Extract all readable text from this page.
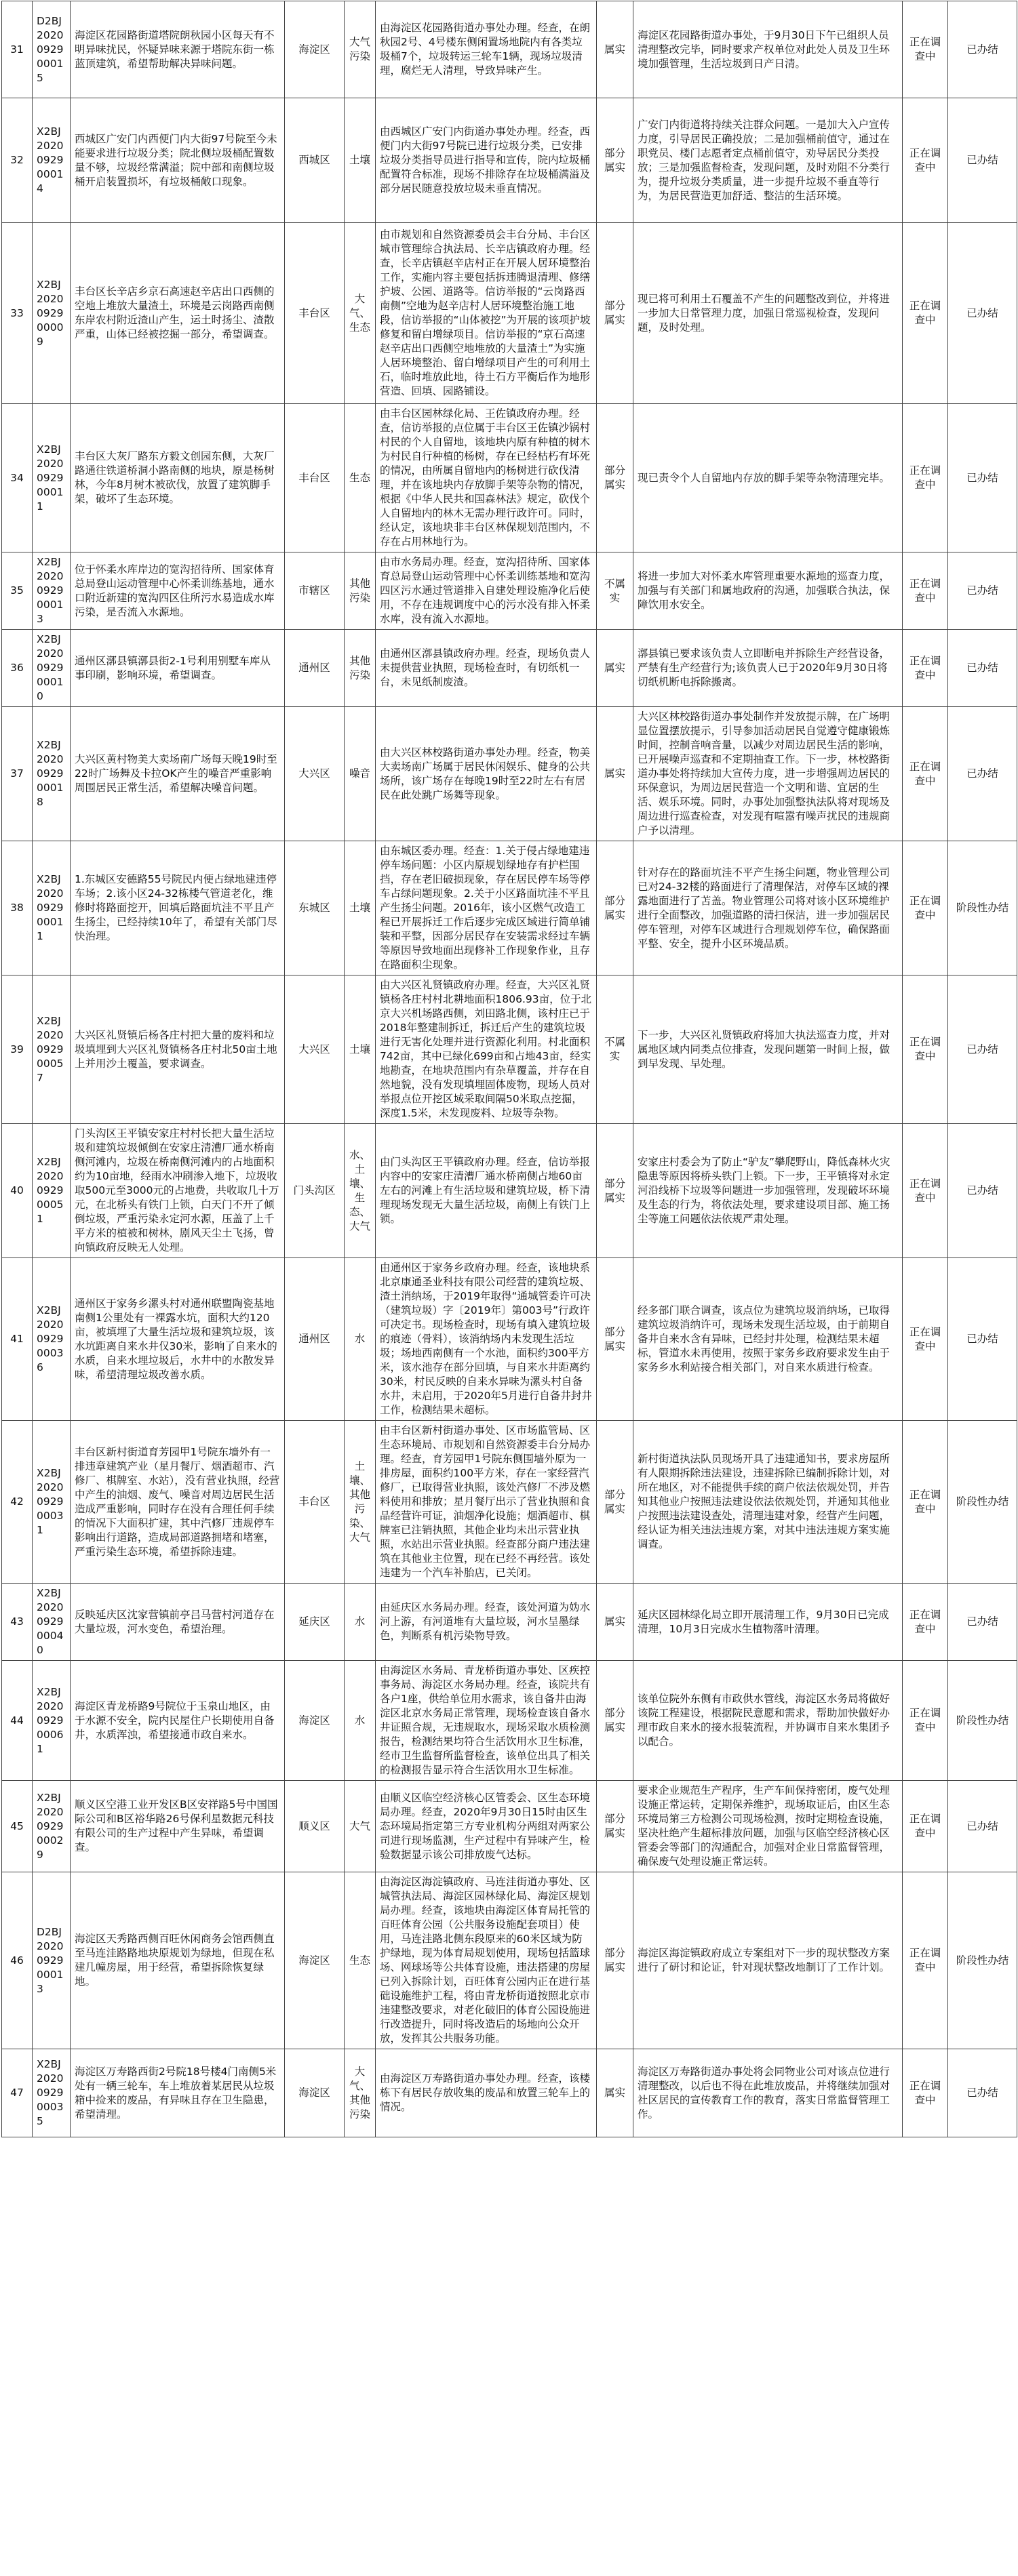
31	D2BJ2020092900015	海淀区花园路街道塔院朗秋园小区每天有不明异味扰民，怀疑异味来源于塔院东街一栋蓝顶建筑，希望帮助解决异味问题。	海淀区	大气污染	由海淀区花园路街道办事处办理。经查，在朗秋园2号、4号楼东侧闲置场地院内有各类垃圾桶7个，垃圾转运三轮车1辆，现场垃圾清理，腐烂无人清理，导致异味产生。	属实	海淀区花园路街道办事处，于9月30日下午已组织人员清理整改完毕，同时要求产权单位对此处人员及卫生环境加强管理，生活垃圾到日产日清。	正在调查中	已办结
32	X2BJ2020092900014	西城区广安门内西便门内大街97号院至今未能要求进行垃圾分类；院北侧垃圾桶配置数量不够，垃圾经常满溢；院中部和南侧垃圾桶开启装置损坏，有垃圾桶敞口现象。	西城区	土壤	由西城区广安门内街道办事处办理。经查，西便门内大街97号院已进行垃圾分类，已安排垃圾分类指导员进行指导和宣传，院内垃圾桶配置符合标准，现场不排除存在垃圾桶满溢及部分居民随意投放垃圾未垂直情况。	部分属实	广安门内街道将持续关注群众问题。一是加大入户宣传力度，引导居民正确投放；二是加强桶前值守，通过在职党员、楼门志愿者定点桶前值守，劝导居民分类投放；三是加强监督检查，发现问题，及时劝阻不分类行为，提升垃圾分类质量，进一步提升垃圾不垂直等行为，为居民营造更加舒适、整洁的生活环境。	正在调查中	已办结
33	X2BJ2020092900009	丰台区长辛店乡京石高速赵辛店出口西侧的空地上堆放大量渣土，环境是云岗路西南侧东岸农村附近渣山产生，运土时扬尘、渣散严重，山体已经被挖掘一部分，希望调查。	丰台区	大气、生态	由市规划和自然资源委员会丰台分局、丰台区城市管理综合执法局、长辛店镇政府办理。经查，长辛店镇赵辛店村正在开展人居环境整治工作，实施内容主要包括拆违腾退清理、修缮护坡、公园、道路等。信访举报的“云岗路西南侧”空地为赵辛店村人居环境整治施工地段，信访举报的“山体被挖”为开展的该项护坡修复和留白增绿项目。信访举报的“京石高速赵辛店出口西侧空地堆放的大量渣土”为实施人居环境整治、留白增绿项目产生的可利用土石，临时堆放此地，待土石方平衡后作为地形营造、回填、园路铺设。	部分属实	现已将可利用土石覆盖不产生的问题整改到位，并将进一步加大日常管理力度，加强日常巡视检查，发现问题，及时处理。	正在调查中	已办结
34	X2BJ2020092900011	丰台区大灰厂路东方毅文创园东侧，大灰厂路通往铁道桥洞小路南侧的地块，原是杨树林，今年8月树木被砍伐，放置了建筑脚手架，破坏了生态环境。	丰台区	生态	由丰台区园林绿化局、王佐镇政府办理。经查，信访举报的点位属于丰台区王佐镇沙锅村村民的个人自留地，该地块内原有种植的树木为村民自行种植的杨树，存在已经枯朽有坏死的情况，由所属自留地内的杨树进行砍伐清理，并在该地块内存放脚手架等杂物的情况，根据《中华人民共和国森林法》规定，砍伐个人自留地内的林木无需办理行政许可。同时，经认定，该地块非丰台区林保规划范围内，不存在占用林地行为。	部分属实	现已责令个人自留地内存放的脚手架等杂物清理完毕。	正在调查中	已办结
35	X2BJ2020092900013	位于怀柔水库岸边的宽沟招待所、国家体育总局登山运动管理中心怀柔训练基地，通水口附近新建的宽沟四区住所污水易造成水库污染，是否流入水源地。	市辖区	其他污染	由市水务局办理。经查，宽沟招待所、国家体育总局登山运动管理中心怀柔训练基地和宽沟四区污水通过管道排入自建处理设施净化后使用，不存在违规调度中心的污水没有排入怀柔水库，没有流入水源地。	不属实	将进一步加大对怀柔水库管理重要水源地的巡查力度，加强与有关部门和属地政府的沟通，加强联合执法，保障饮用水安全。	正在调查中	已办结
36	X2BJ2020092900010	通州区漷县镇漷县街2-1号利用别墅车库从事印刷，影响环境，希望调查。	通州区	其他污染	由通州区漷县镇政府办理。经查，现场负责人未提供营业执照，现场检查时，有切纸机一台，未见纸制废渣。	属实	漷县镇已要求该负责人立即断电并拆除生产经营设备，严禁有生产经营行为;该负责人已于2020年9月30日将切纸机断电拆除搬离。	正在调查中	已办结
37	X2BJ2020092900018	大兴区黄村物美大卖场南广场每天晚19时至22时广场舞及卡拉OK产生的噪音严重影响周围居民正常生活，希望解决噪音问题。	大兴区	噪音	由大兴区林校路街道办事处办理。经查，物美大卖场南广场属于居民休闲娱乐、健身的公共场所，该广场存在每晚19时至22时左右有居民在此处跳广场舞等现象。	属实	大兴区林校路街道办事处制作并发放提示牌，在广场明显位置摆放提示，引导参加活动居民自觉遵守健康锻炼时间，控制音响音量，以减少对周边居民生活的影响，已开展噪声巡查和不定期抽查工作。下一步，林校路街道办事处将持续加大宣传力度，进一步增强周边居民的环保意识，为周边居民营造一个文明和谐、宜居的生活、娱乐环境。同时，办事处加强整执法队将对现场及周边进行巡查检查，对发现有喧嚣有噪声扰民的违规商户予以清理。	正在调查中	已办结
38	X2BJ2020092900011	1.东城区安德路55号院民内便占绿地建违停车场；2.该小区24-32栋楼气管道老化，维修时将路面挖开，回填后路面坑洼不平且产生扬尘，已经持续10年了，希望有关部门尽快治理。	东城区	土壤	由东城区委办理。经查：1.关于侵占绿地建违停车场问题：小区内原规划绿地存有护栏围挡，存在老旧破损现象，存在居民停车场等停车占绿问题现象。2.关于小区路面坑洼不平且产生扬尘问题。2016年，该小区燃气改造工程已开展拆迁工作后逐步完成区域进行简单铺装和平整，因部分居民存在安装需求经过车辆等原因导致地面出现修补工作现象作业，且存在路面积尘现象。	部分属实	针对存在的路面坑洼不平产生扬尘问题，物业管理公司已对24-32楼的路面进行了清理保洁，对停车区域的裸露地面进行了苫盖。物业管理公司将对该小区环境维护进行全面整改，加强道路的清扫保洁，进一步加强居民停车管理，对停车区域进行合理规划停车位，确保路面平整、安全，提升小区环境品质。	正在调查中	阶段性办结
39	X2BJ2020092900057	大兴区礼贤镇后杨各庄村把大量的废料和垃圾填埋到大兴区礼贤镇杨各庄村北50亩土地上并用沙土覆盖，要求调查。	大兴区	土壤	由大兴区礼贤镇政府办理。经查，大兴区礼贤镇杨各庄村村北耕地面积1806.93亩，位于北京大兴机场路西侧，刘田路北侧，该村庄已于2018年整建制拆迁，拆迁后产生的建筑垃圾进行无害化处理并进行资源化利用。村北面积742亩，其中已绿化699亩和占地43亩，经实地勘查，在地块范围内有杂草覆盖，并存在自然地貌，没有发现填埋固体废物，现场人员对举报点位开挖区域采取间隔50米取点挖掘，深度1.5米，未发现废料、垃圾等杂物。	不属实	下一步，大兴区礼贤镇政府将加大执法巡查力度，并对属地区域内同类点位排查，发现问题第一时间上报，做到早发现、早处理。	正在调查中	已办结
40	X2BJ2020092900051	门头沟区王平镇安家庄村村长把大量生活垃圾和建筑垃圾倾倒在安家庄清漕厂通水桥南侧河滩内，垃圾在桥南侧河滩内的占地面积约为10亩地，经雨水冲刷渗入地下，垃圾收取500元至3000元的占地费，共收取几十万元，在北桥头有铁门上锁，白天门不开了倾倒垃圾，严重污染永定河水源，压盖了上千平方米的植被和树林，剧风天尘土飞扬，曾向镇政府反映无人处理。	门头沟区	水、土壤、生态、大气	由门头沟区王平镇政府办理。经查，信访举报内容中的安家庄清漕厂通水桥南侧占地60亩左右的河滩上有生活垃圾和建筑垃圾，桥下清理现场发现无大量生活垃圾，南侧上有铁门上锁。	部分属实	安家庄村委会为了防止“驴友”攀爬野山，降低森林火灾隐患等原因将桥头铁门上锁。下一步，王平镇将对永定河沿线桥下垃圾等问题进一步加强管理，发现破坏环境及生态的行为，将依法处理，要求建设项目部、施工扬尘等施工问题依法依规严肃处理。	正在调查中	已办结
41	X2BJ2020092900036	通州区于家务乡漯头村对通州联盟陶瓷基地南侧1公里处有一裸露水坑，面积大约120亩，被填埋了大量生活垃圾和建筑垃圾，该水坑距离自来水井仅30米，影响了自来水的水质，自来水埋垃圾后，水井中的水散发异味，希望清理垃圾改善水质。	通州区	水	由通州区于家务乡政府办理。经查，该地块系北京康通圣业科技有限公司经营的建筑垃圾、渣土消纳场，于2019年取得“通城管委许可决（建筑垃圾）字〔2019年〕第003号”行政许可决定书。现场检查时，现场有填入建筑垃圾的痕迹（骨料），该消纳场内未发现生活垃圾；场地西南侧有一个水池，面积约300平方米，该水池存在部分回填，与自来水井距离约30米，村民反映的自来水异味为漯头村自备水井，未启用，于2020年5月进行自备井封井工作，检测结果未超标。	部分属实	经多部门联合调查，该点位为建筑垃圾消纳场，已取得建筑垃圾消纳许可，现场未发现生活垃圾，由于前期自备井自来水含有异味，已经封井处理，检测结果未超标，管道水未再使用，按照于家务乡政府要求发生由于家务乡水利站接合相关部门，对自来水质进行检查。	正在调查中	已办结
42	X2BJ2020092900031	丰台区新村街道育芳园甲1号院东墙外有一排违章建筑产业（星月餐厅、烟酒超市、汽修厂、棋牌室、水站），没有营业执照，经营中产生的油烟、废气、噪音对周边居民生活造成严重影响，同时存在没有合理任何手续的情况下大面积扩建，其中汽修厂违规停车影响出行道路，造成局部道路拥堵和堵塞，严重污染生态环境，希望拆除违建。	丰台区	土壤、其他污染、大气	由丰台区新村街道办事处、区市场监管局、区生态环境局、市规划和自然资源委丰台分局办理。经查，育芳园甲1号院东侧围墙外原为一排房屋，面积约100平方米，存在一家经营汽修厂，已取得营业执照，该处汽修厂不涉及燃料使用和排放；星月餐厅出示了营业执照和食品经营许可证，油烟净化设施；烟酒超市、棋牌室已注销执照，其他企业均未出示营业执照，水站出示营业执照。经查部分商户违法建筑在其他业主位置，现在已经不再经营。该处违建为一个汽车补胎店，已关闭。	部分属实	新村街道执法队员现场开具了违建通知书，要求房屋所有人限期拆除违法建设，违建拆除已编制拆除计划，对所在地区，对不能提供手续的商户依法依规处罚，并告知其他业户按照违法建设依法依规处罚，并通知其他业户按照违法建设查处，清理违建对象，经营产生问题，经认证为相关违法违规方案，对其中违法违规方案实施调查。	正在调查中	阶段性办结
43	X2BJ2020092900040	反映延庆区沈家营镇前亭吕马营村河道存在大量垃圾，河水变色，希望治理。	延庆区	水	由延庆区水务局办理。经查，该处河道为妫水河上游，有河道堆有大量垃圾，河水呈墨绿色，判断系有机污染物导致。	属实	延庆区园林绿化局立即开展清理工作，9月30日已完成清理，10月3日完成水生植物落叶清理。	正在调查中	已办结
44	X2BJ2020092900061	海淀区青龙桥路9号院位于玉泉山地区，由于水源不安全，院内民屋住户长期使用自备井，水质浑浊，希望接通市政自来水。	海淀区	水	由海淀区水务局、青龙桥街道办事处、区疾控事务局、海淀区水务局办理。经查，该院共有各户1座，供给单位用水需求，该自备井由海淀区北京水务局正常管理，现场检查该自备水井证照合规，无违规取水，现场采取水质检测报告，检测结果均符合生活饮用水卫生标准，经市卫生监督所监督检查，该单位出具了相关的检测报告显示符合生活饮用水卫生标准。	部分属实	该单位院外东侧有市政供水管线，海淀区水务局将做好该院工程建设，根据院民意愿和需求，帮助加快做好办理市政自来水的接水报装流程，并协调市自来水集团予以配合。	正在调查中	阶段性办结
45	X2BJ2020092900029	顺义区空港工业开发区B区安祥路5号中国国际公司和B区裕华路26号保利星数据元科技有限公司的生产过程中产生异味，希望调查。	顺义区	大气	由顺义区临空经济核心区管委会、区生态环境局办理。经查，2020年9月30日15时由区生态环境局指定第三方专业机构分两组对两家公司进行现场监测，生产过程中有异味产生，检验数据显示该公司排放废气达标。	部分属实	要求企业规范生产程序，生产车间保持密闭，废气处理设施正常运转，定期保养维护，现场取证后，由区生态环境局第三方检测公司现场检测，按时定期检查设施，坚决杜绝产生超标排放问题，加强与区临空经济核心区管委会等部门的沟通配合，加强对企业日常监督管理，确保废气处理设施正常运转。	正在调查中	已办结
46	D2BJ2020092900013	海淀区天秀路西侧百旺休闲商务会馆西侧直至马连洼路路地块原规划为绿地，但现在私建几幢房屋，用于经营，希望拆除恢复绿地。	海淀区	生态	由海淀区海淀镇政府、马连洼街道办事处、区城管执法局、海淀区园林绿化局、海淀区规划局办理。经查，该地块由海淀区体育局托管的百旺体育公园（公共服务设施配套项目）使用，马连洼路北侧东段原来的60米区域为防护绿地，现为体育局规划使用，现场包括篮球场、网球场等公共体育设施，违法搭建的房屋已列入拆除计划，百旺体育公园内正在进行基础设施维护工程，将由青龙桥街道按照北京市违建整改要求，对老化破旧的体育公园设施进行改造提升，同时将改造后的场地向公众开放，发挥其公共服务功能。	部分属实	海淀区海淀镇政府成立专案组对下一步的现状整改方案进行了研讨和论证，针对现状整改地制订了工作计划。	正在调查中	阶段性办结
47	X2BJ2020092900035	海淀区万寿路西街2号院18号楼4门南侧5米处有一辆三轮车，车上堆放着某居民从垃圾箱中捡来的废品，有异味且存在卫生隐患，希望清理。	海淀区	大气、其他污染	由海淀区万寿路街道办事处办理。经查，该楼栋下有居民存放收集的废品和放置三轮车上的情况。	属实	海淀区万寿路街道办事处将会同物业公司对该点位进行清理整改，以后也不得在此堆放废品，并将继续加强对社区居民的宣传教育工作的教育，落实日常监督管理工作。	正在调查中	已办结
